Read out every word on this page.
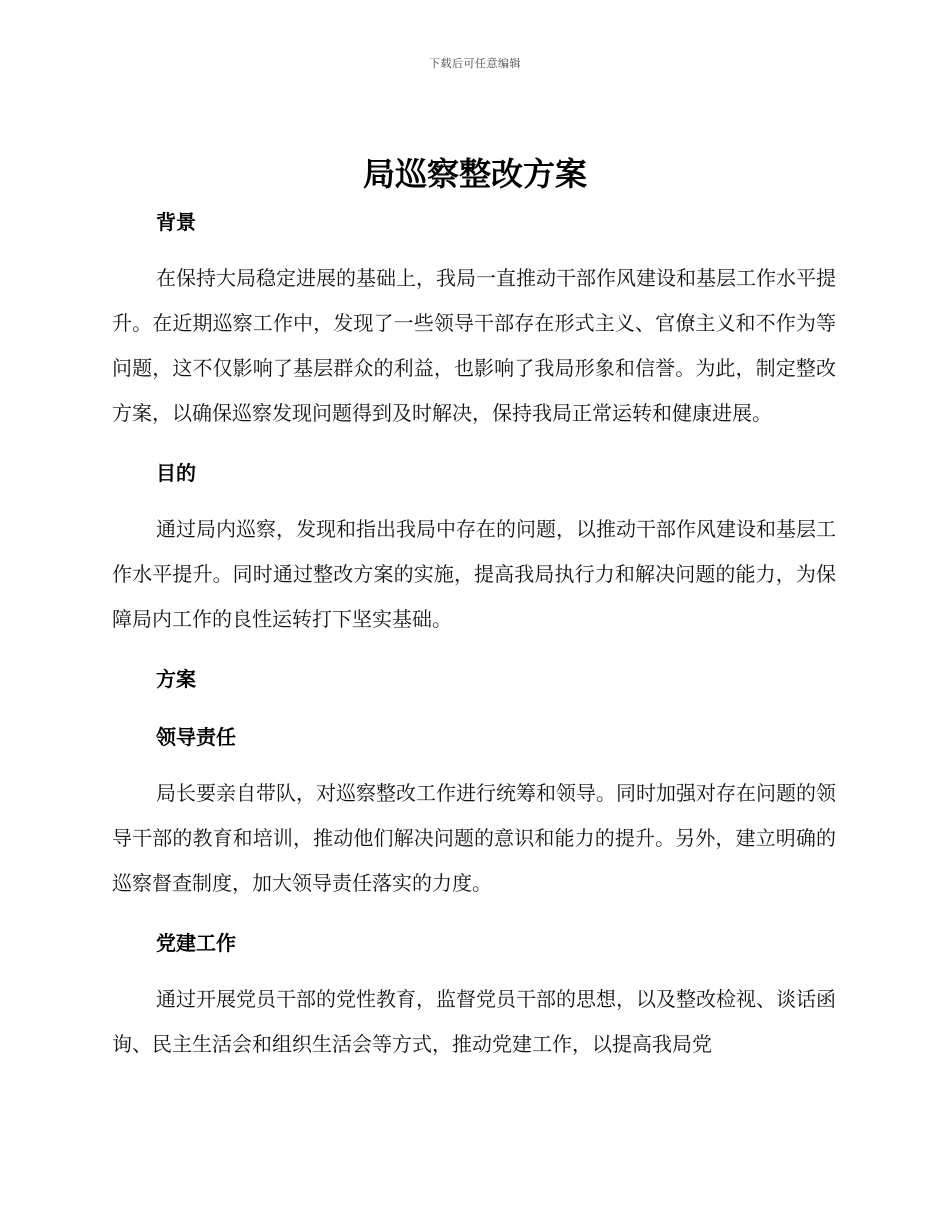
下载后可任意编辑
局巡察整改方案
背景

在保持大局稳定进展的基础上，我局一直推动干部作风建设和基层工作水平提升。在近期巡察工作中，发现了一些领导干部存在形式主义、官僚主义和不作为等问题，这不仅影响了基层群众的利益，也影响了我局形象和信誉。为此，制定整改方案，以确保巡察发现问题得到及时解决，保持我局正常运转和健康进展。

目的

通过局内巡察，发现和指出我局中存在的问题，以推动干部作风建设和基层工作水平提升。同时通过整改方案的实施，提高我局执行力和解决问题的能力，为保障局内工作的良性运转打下坚实基础。

方案
领导责任

局长要亲自带队，对巡察整改工作进行统筹和领导。同时加强对存在问题的领导干部的教育和培训，推动他们解决问题的意识和能力的提升。另外，建立明确的巡察督查制度，加大领导责任落实的力度。

党建工作

通过开展党员干部的党性教育，监督党员干部的思想，以及整改检视、谈话函询、民主生活会和组织生活会等方式，推动党建工作，以提高我局党
